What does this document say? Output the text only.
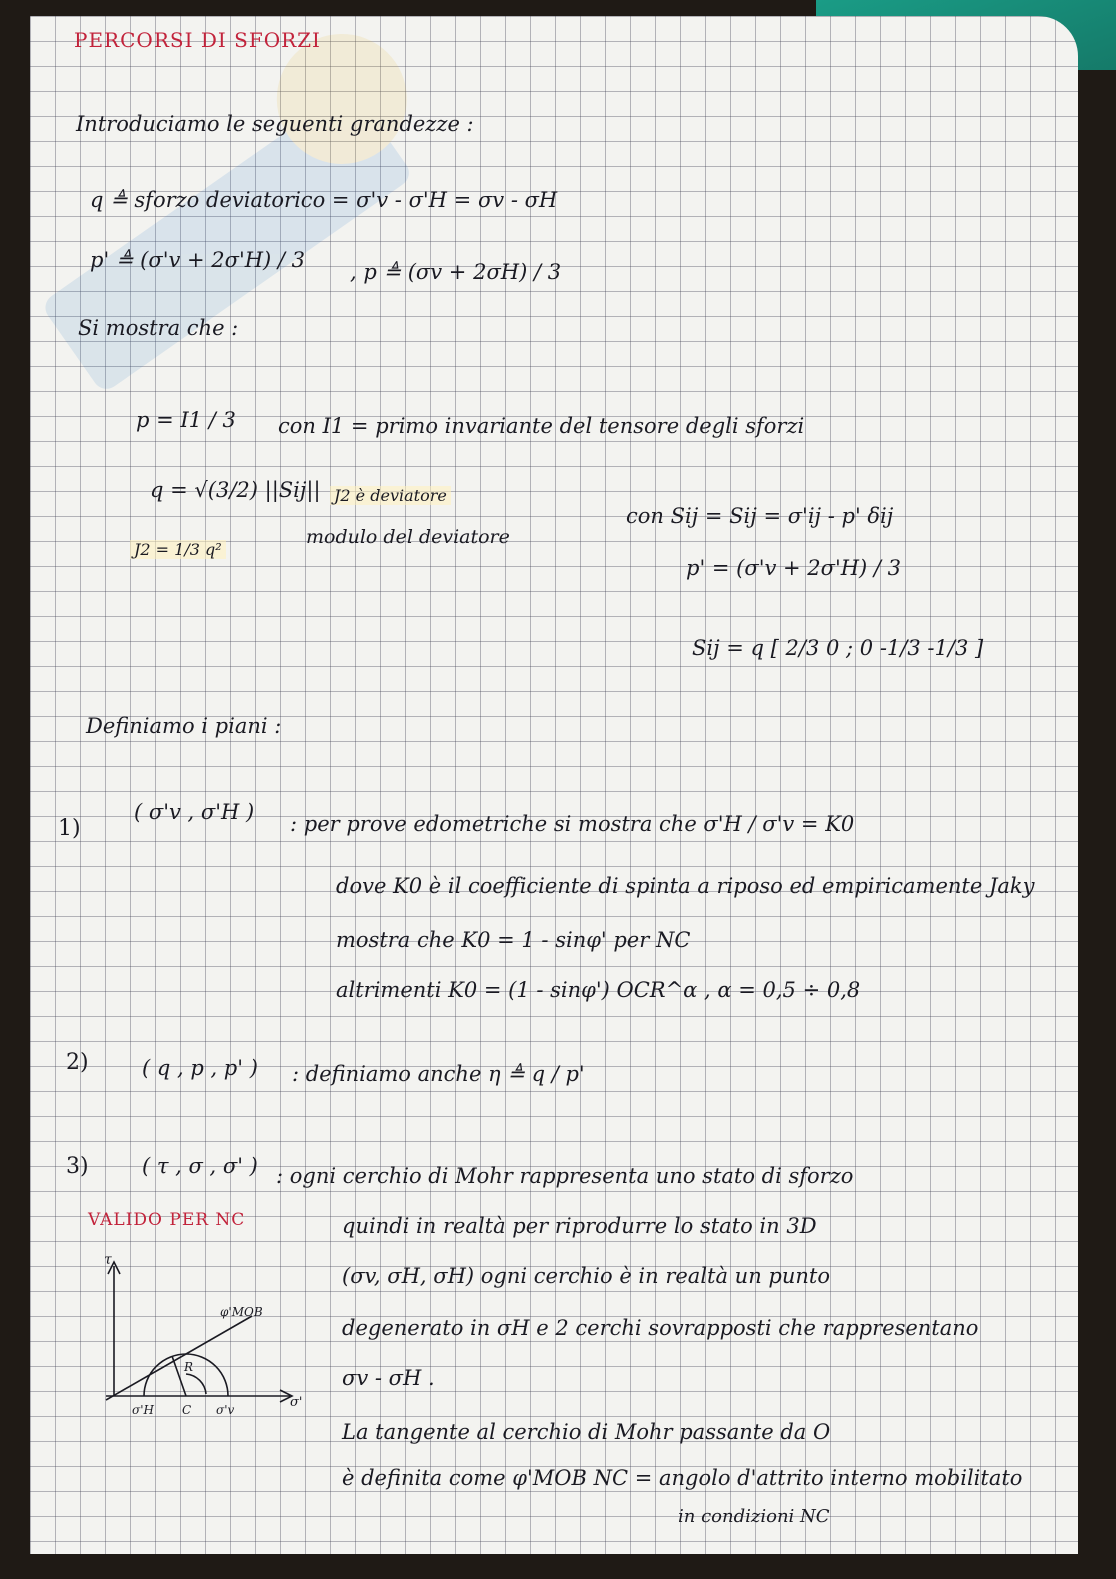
PERCORSI DI SFORZI
Introduciamo le seguenti grandezze :
q ≜ sforzo deviatorico = σ'v - σ'H = σv - σH
p' ≜ (σ'v + 2σ'H) / 3 , p ≜ (σv + 2σH) / 3
Si mostra che :
p = I1 / 3 con I1 = primo invariante del tensore degli sforzi
q = √(3/2) ||Sij|| J2 è deviatore
modulo del deviatore
con Sij = Sij = σ'ij - p' δij
J2 = 1/3 q²
p' = (σ'v + 2σ'H) / 3
Sij = q [ 2/3 0 ; 0 -1/3 -1/3 ]
Definiamo i piani :
1)
( σ'v , σ'H ) : per prove edometriche si mostra che σ'H / σ'v = K0
dove K0 è il coefficiente di spinta a riposo ed empiricamente Jaky
mostra che K0 = 1 - sinφ' per NC
altrimenti K0 = (1 - sinφ') OCR^α , α = 0,5 ÷ 0,8
2)	( q , p , p' ) : definiamo anche η ≜ q / p'
3)	( τ , σ , σ' )
VALIDO PER NC
: ogni cerchio di Mohr rappresenta uno stato di sforzo
quindi in realtà per riprodurre lo stato in 3D
(σv, σH, σH) ogni cerchio è in realtà un punto
degenerato in σH e 2 cerchi sovrapposti che rappresentano
σv - σH .
La tangente al cerchio di Mohr passante da O
è definita come φ'MOB NC = angolo d'attrito interno mobilitato
in condizioni NC
τ
σ'
φ'MOB
σ'H C σ'v
R
